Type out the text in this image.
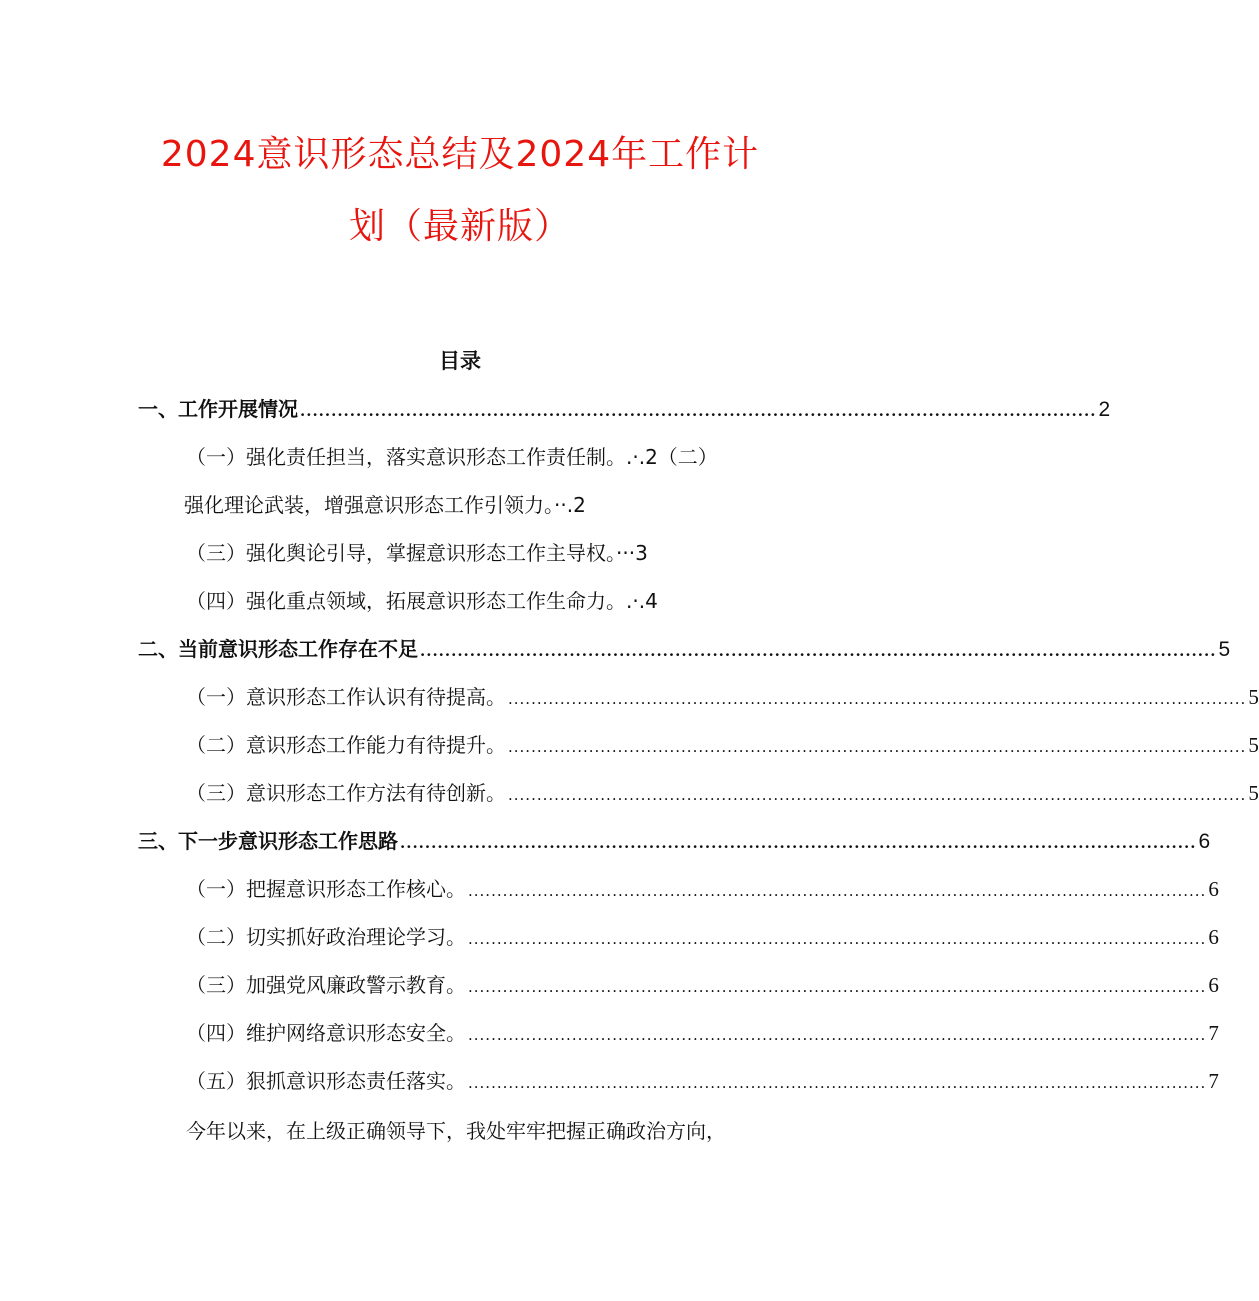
2024意识形态总结及2024年工作计
划（最新版）
目录
一、工作开展情况 ................................................................................................................................ 2
（一）强化责任担当，落实意识形态工作责任制。.·.2（二）
强化理论武装，增强意识形态工作引领力。··.2
（三）强化舆论引导，掌握意识形态工作主导权。···3
（四）强化重点领域，拓展意识形态工作生命力。.·.4
二、当前意识形态工作存在不足 ................................................................................................................................ 5
（一）意识形态工作认识有待提高。 ................................................................................................................................ 5
（二）意识形态工作能力有待提升。 ................................................................................................................................ 5
（三）意识形态工作方法有待创新。 ................................................................................................................................ 5
三、下一步意识形态工作思路 ................................................................................................................................ 6
（一）把握意识形态工作核心。 ................................................................................................................................ 6
（二）切实抓好政治理论学习。 ................................................................................................................................ 6
（三）加强党风廉政警示教育。 ................................................................................................................................ 6
（四）维护网络意识形态安全。 ................................................................................................................................ 7
（五）狠抓意识形态责任落实。 ................................................................................................................................ 7
今年以来，在上级正确领导下，我处牢牢把握正确政治方向，
